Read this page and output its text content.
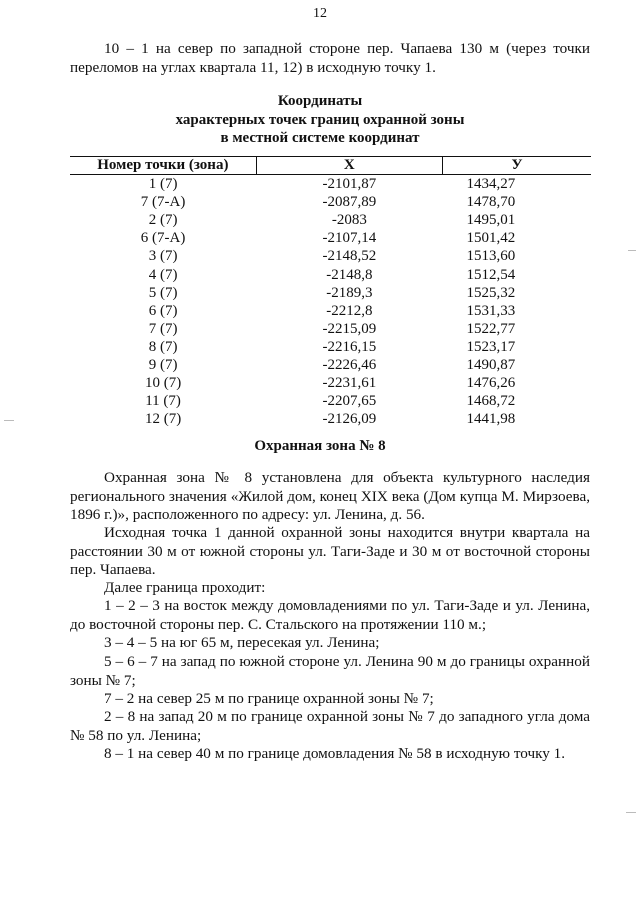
12
10 – 1 на север по западной стороне пер. Чапаева 130 м (через точки переломов на углах квартала 11, 12) в исходную точку 1.
Координаты
характерных точек границ охранной зоны
в местной системе координат
Номер точки (зона)	Х	У
1 (7)	-2101,87	1434,27
7 (7-А)	-2087,89	1478,70
2 (7)	-2083	1495,01
6 (7-А)	-2107,14	1501,42
3 (7)	-2148,52	1513,60
4 (7)	-2148,8	1512,54
5 (7)	-2189,3	1525,32
6 (7)	-2212,8	1531,33
7 (7)	-2215,09	1522,77
8 (7)	-2216,15	1523,17
9 (7)	-2226,46	1490,87
10 (7)	-2231,61	1476,26
11 (7)	-2207,65	1468,72
12 (7)	-2126,09	1441,98
Охранная зона № 8
Охранная зона № 8 установлена для объекта культурного наследия регионального значения «Жилой дом, конец XIX века (Дом купца М. Мирзоева, 1896 г.)», расположенного по адресу: ул. Ленина, д. 56.
Исходная точка 1 данной охранной зоны находится внутри квартала на расстоянии 30 м от южной стороны ул. Таги-Заде и 30 м от восточной стороны пер. Чапаева.
Далее граница проходит:
1 – 2 – 3 на восток между домовладениями по ул. Таги-Заде и ул. Ленина, до восточной стороны пер. С. Стальского на протяжении 110 м.;
3 – 4 – 5 на юг 65 м, пересекая ул. Ленина;
5 – 6 – 7 на запад по южной стороне ул. Ленина 90 м до границы охранной зоны № 7;
7 – 2 на север 25 м по границе охранной зоны № 7;
2 – 8 на запад 20 м по границе охранной зоны № 7 до западного угла дома № 58 по ул. Ленина;
8 – 1 на север 40 м по границе домовладения № 58 в исходную точку 1.
